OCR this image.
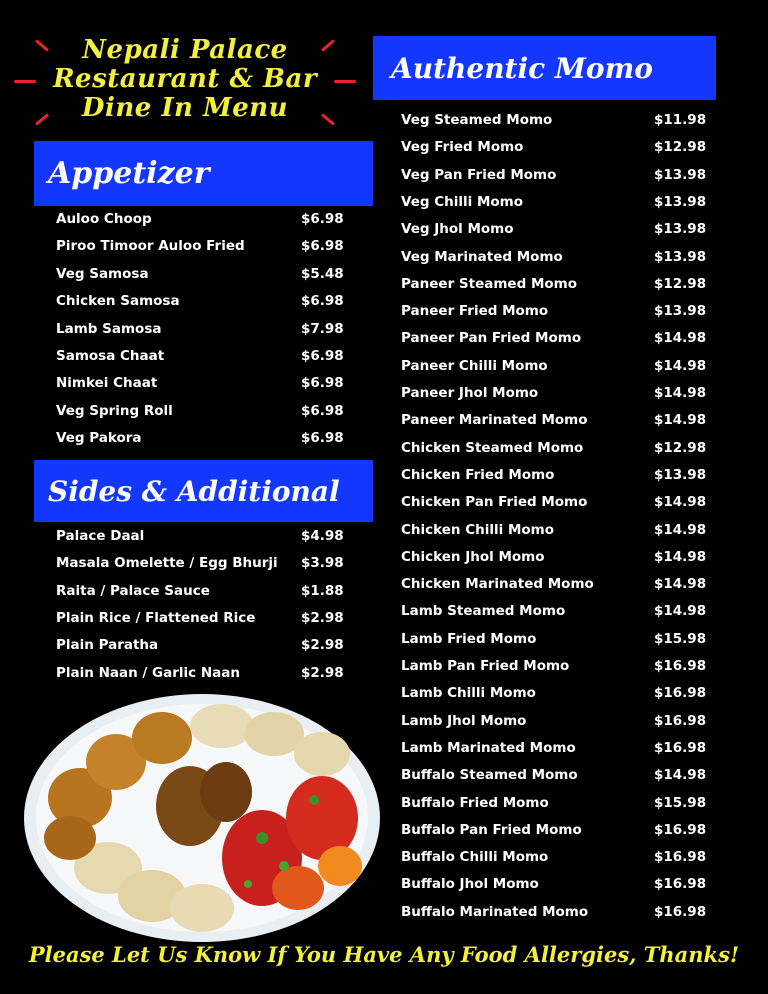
Nepali Palace
Restaurant & Bar
Dine In Menu
Appetizer
Sides & Additional
Authentic Momo
Auloo Choop	$6.98
Piroo Timoor Auloo Fried	$6.98
Veg Samosa	$5.48
Chicken Samosa	$6.98
Lamb Samosa	$7.98
Samosa Chaat	$6.98
Nimkei Chaat	$6.98
Veg Spring Roll	$6.98
Veg Pakora	$6.98
Palace Daal	$4.98
Masala Omelette / Egg Bhurji $3.98
Raita / Palace Sauce	$1.88
Plain Rice / Flattened Rice	$2.98
Plain Paratha	$2.98
Plain Naan / Garlic Naan	$2.98
Veg Steamed Momo	$11.98
Veg Fried Momo	$12.98
Veg Pan Fried Momo	$13.98
Veg Chilli Momo	$13.98
Veg Jhol Momo	$13.98
Veg Marinated Momo	$13.98
Paneer Steamed Momo	$12.98
Paneer Fried Momo	$13.98
Paneer Pan Fried Momo	$14.98
Paneer Chilli Momo	$14.98
Paneer Jhol Momo	$14.98
Paneer Marinated Momo	$14.98
Chicken Steamed Momo	$12.98
Chicken Fried Momo	$13.98
Chicken Pan Fried Momo	$14.98
Chicken Chilli Momo	$14.98
Chicken Jhol Momo	$14.98
Chicken Marinated Momo	$14.98
Lamb Steamed Momo	$14.98
Lamb Fried Momo	$15.98
Lamb Pan Fried Momo	$16.98
Lamb Chilli Momo	$16.98
Lamb Jhol Momo	$16.98
Lamb Marinated Momo	$16.98
Buffalo Steamed Momo	$14.98
Buffalo Fried Momo	$15.98
Buffalo Pan Fried Momo	$16.98
Buffalo Chilli Momo	$16.98
Buffalo Jhol Momo	$16.98
Buffalo Marinated Momo	$16.98
Please Let Us Know If You Have Any Food Allergies, Thanks!
